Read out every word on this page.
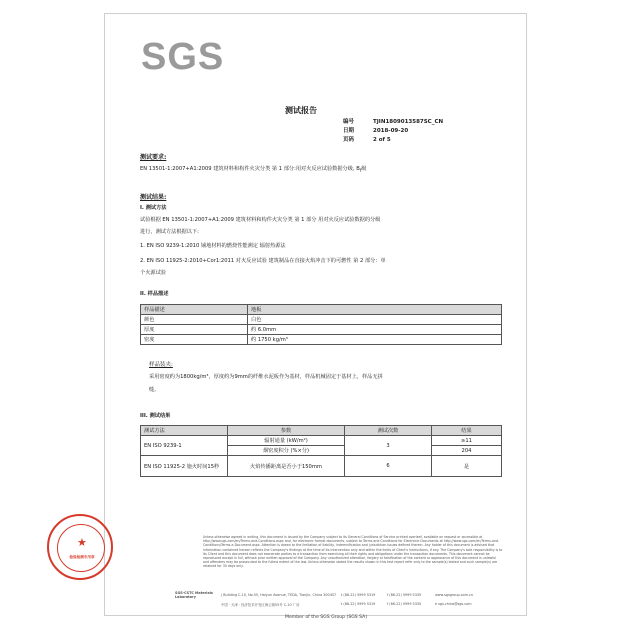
SGS
测试报告
编号	TJIN1809013587SC_CN
日期	2018-09-20
页码	2 of 5
测试要求:
EN 13501-1:2007+A1:2009 建筑材料和构件火灾分类 第 1 部分:用对火反应试验数据分级, $B_f$级
测试结果:
I. 测试方法
试验根据 EN 13501-1:2007+A1:2009 建筑材料和构件火灾分类 第 1 部分 用对火反应试验数据的分级
进行，测试方法根据以下:
1. EN ISO 9239-1:2010 铺地材料的燃烧性能测定 辐射热源法
2. EN ISO 11925-2:2010+Cor1:2011 对火反应试验 建筑制品在直接火焰冲击下的可燃性 第 2 部分：单
个火源试验
II. 样品描述
样品描述	地板
颜色	白色
厚度	约 6.0mm
密度	约 1750 kg/m³
样品装夹:
采用密度约为1800kg/m³，厚度约为9mm的纤维水泥板作为基材，样品机械固定于基材上，样品无拼
缝。
III. 测试结果
测试方法	参数	测试次数	结果
EN ISO 9239-1	辐射通量 (kW/m²)	3	≥11
	烟密度积分 (%×分)		204
EN ISO 11925-2 施火时间15秒	火焰传播距离是否小于150mm	6	是
★
检验检测专用章
Unless otherwise agreed in writing, this document is issued by the Company subject to its General Conditions of Service printed overleaf, available on request or accessible at http://www.sgs.com/en/Terms-and-Conditions.aspx and, for electronic format documents, subject to Terms and Conditions for Electronic Documents at http://www.sgs.com/en/Terms-and-Conditions/Terms-e-Document.aspx. Attention is drawn to the limitation of liability, indemnification and jurisdiction issues defined therein. Any holder of this document is advised that information contained hereon reflects the Company's findings at the time of its intervention only and within the limits of Client's instructions, if any. The Company's sole responsibility is to its Client and this document does not exonerate parties to a transaction from exercising all their rights and obligations under the transaction documents. This document cannot be reproduced except in full, without prior written approval of the Company. Any unauthorized alteration, forgery or falsification of the content or appearance of this document is unlawful and offenders may be prosecuted to the fullest extent of the law. Unless otherwise stated the results shown in this test report refer only to the sample(s) tested and such sample(s) are retained for 30 days only.
SGS-CSTC Materials Laboratory	| Building C-10, No.55, Haiyun Avenue, TEDA, Tianjin, China 300457
中国 · 天津 · 经济技术开发区海云街55号 C-10 厂房
t (86-22) 5999 5319	f (86-22) 5999 5335	www.sgsgroup.com.cn
t (86-22) 5999 5319	f (86-22) 5999 5335	e sgs.china@sgs.com
Member of the SGS Group (SGS SA)
